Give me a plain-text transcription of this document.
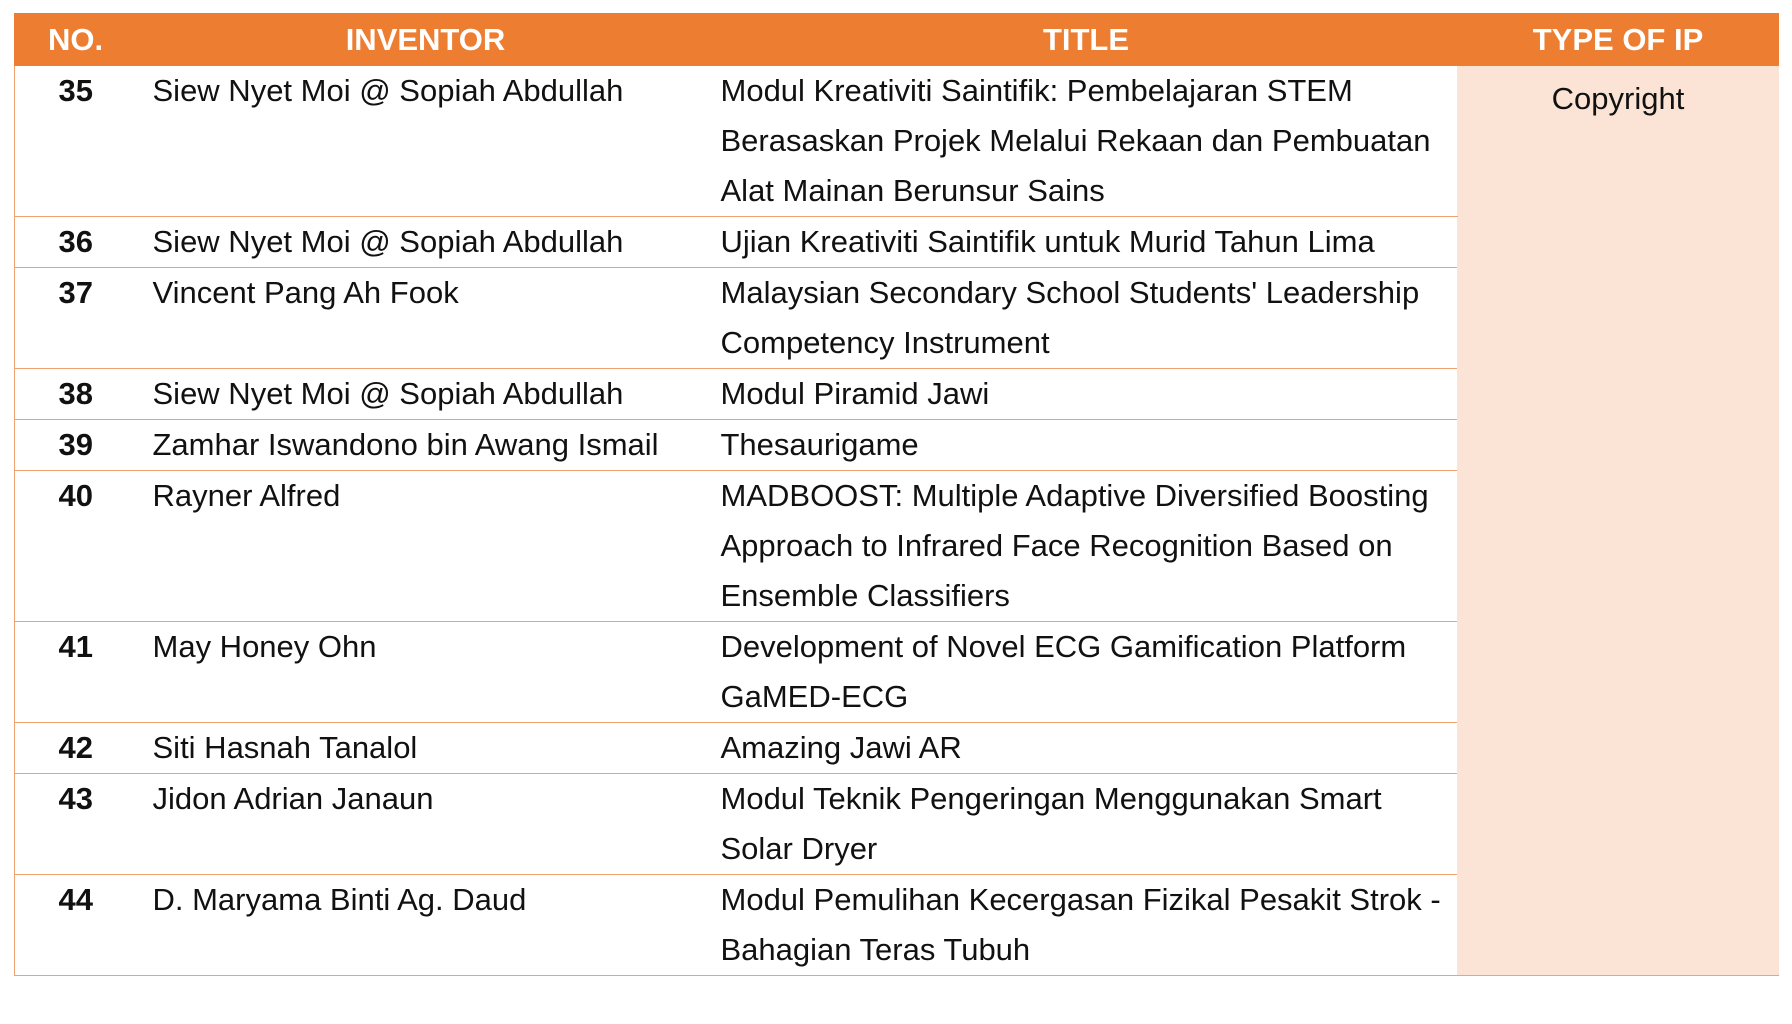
NO.	INVENTOR	TITLE	TYPE OF IP
35	Siew Nyet Moi @ Sopiah Abdullah	Modul Kreativiti Saintifik: Pembelajaran STEM Berasaskan Projek Melalui Rekaan dan Pembuatan Alat Mainan Berunsur Sains	Copyright
36	Siew Nyet Moi @ Sopiah Abdullah	Ujian Kreativiti Saintifik untuk Murid Tahun Lima	
37	Vincent Pang Ah Fook	Malaysian Secondary School Students' Leadership Competency Instrument	
38	Siew Nyet Moi @ Sopiah Abdullah	Modul Piramid Jawi	
39	Zamhar Iswandono bin Awang Ismail	Thesaurigame	
40	Rayner Alfred	MADBOOST: Multiple Adaptive Diversified Boosting Approach to Infrared Face Recognition Based on Ensemble Classifiers	
41	May Honey Ohn	Development of Novel ECG Gamification Platform GaMED-ECG	
42	Siti Hasnah Tanalol	Amazing Jawi AR	
43	Jidon Adrian Janaun	Modul Teknik Pengeringan Menggunakan Smart Solar Dryer	
44	D. Maryama Binti Ag. Daud	Modul Pemulihan Kecergasan Fizikal Pesakit Strok -Bahagian Teras Tubuh	
